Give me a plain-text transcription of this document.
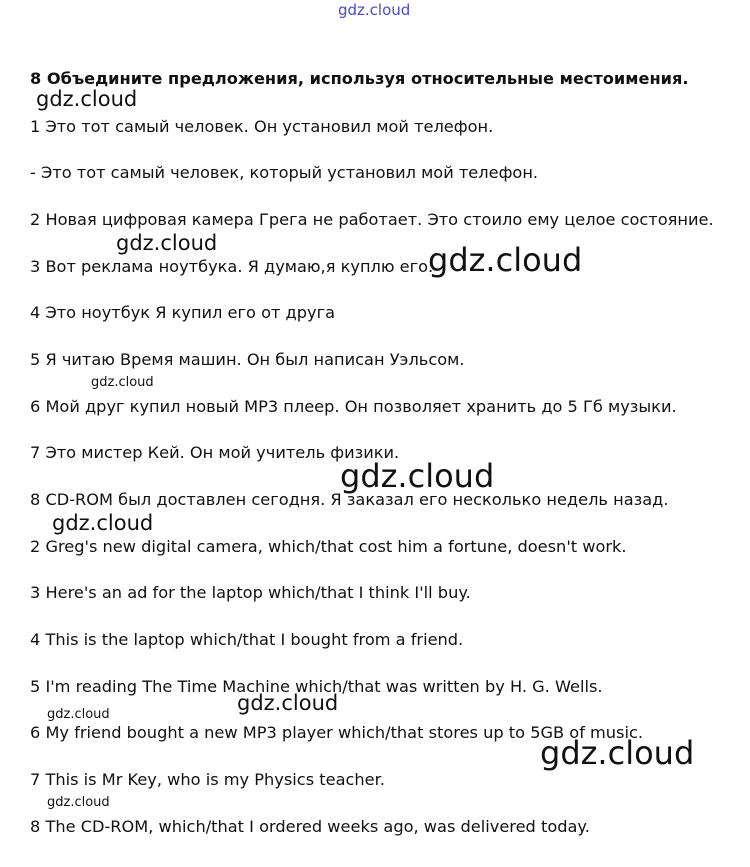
gdz.cloud
8 Объедините предложения, используя относительные местоимения.
1 Это тот самый человек. Он установил мой телефон.
- Это тот самый человек, который установил мой телефон.
2 Новая цифровая камера Грега не работает. Это стоило ему целое состояние.
3 Вот реклама ноутбука. Я думаю,я куплю его.
4 Это ноутбук Я купил его от друга
5 Я читаю Время машин. Он был написан Уэльсом.
6 Мой друг купил новый MP3 плеер. Он позволяет хранить до 5 Гб музыки.
7 Это мистер Кей. Он мой учитель физики.
8 CD-ROM был доставлен сегодня. Я заказал его несколько недель назад.
2 Greg's new digital camera, which/that cost him a fortune, doesn't work.
3 Here's an ad for the laptop which/that I think I'll buy.
4 This is the laptop which/that I bought from a friend.
5 I'm reading The Time Machine which/that was written by H. G. Wells.
6 My friend bought a new MP3 player which/that stores up to 5GB of music.
7 This is Mr Key, who is my Physics teacher.
8 The CD-ROM, which/that I ordered weeks ago, was delivered today.
gdz.cloud
gdz.cloud	gdz.cloud
gdz.cloud
gdz.cloud
gdz.cloud
gdz.cloud
gdz.cloud
gdz.cloud
gdz.cloud
